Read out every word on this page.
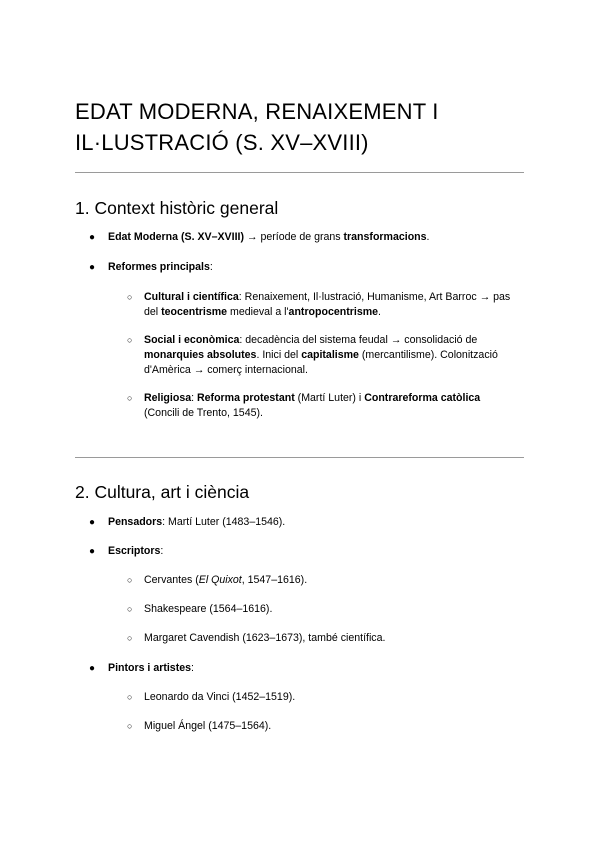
EDAT MODERNA, RENAIXEMENT I IL·LUSTRACIÓ (S. XV–XVIII)
1. Context històric general
● Edat Moderna (S. XV–XVIII) → període de grans transformacions.
● Reformes principals:
○ Cultural i científica: Renaixement, Il·lustració, Humanisme, Art Barroc → pas del teocentrisme medieval a l'antropocentrisme.
○ Social i econòmica: decadència del sistema feudal → consolidació de monarquies absolutes. Inici del capitalisme (mercantilisme). Colonització d'Amèrica → comerç internacional.
○ Religiosa: Reforma protestant (Martí Luter) i Contrareforma catòlica (Concili de Trento, 1545).
2. Cultura, art i ciència
● Pensadors: Martí Luter (1483–1546).
● Escriptors:
○ Cervantes (El Quixot, 1547–1616).
○ Shakespeare (1564–1616).
○ Margaret Cavendish (1623–1673), també científica.
● Pintors i artistes:
○ Leonardo da Vinci (1452–1519).
○ Miguel Ángel (1475–1564).
